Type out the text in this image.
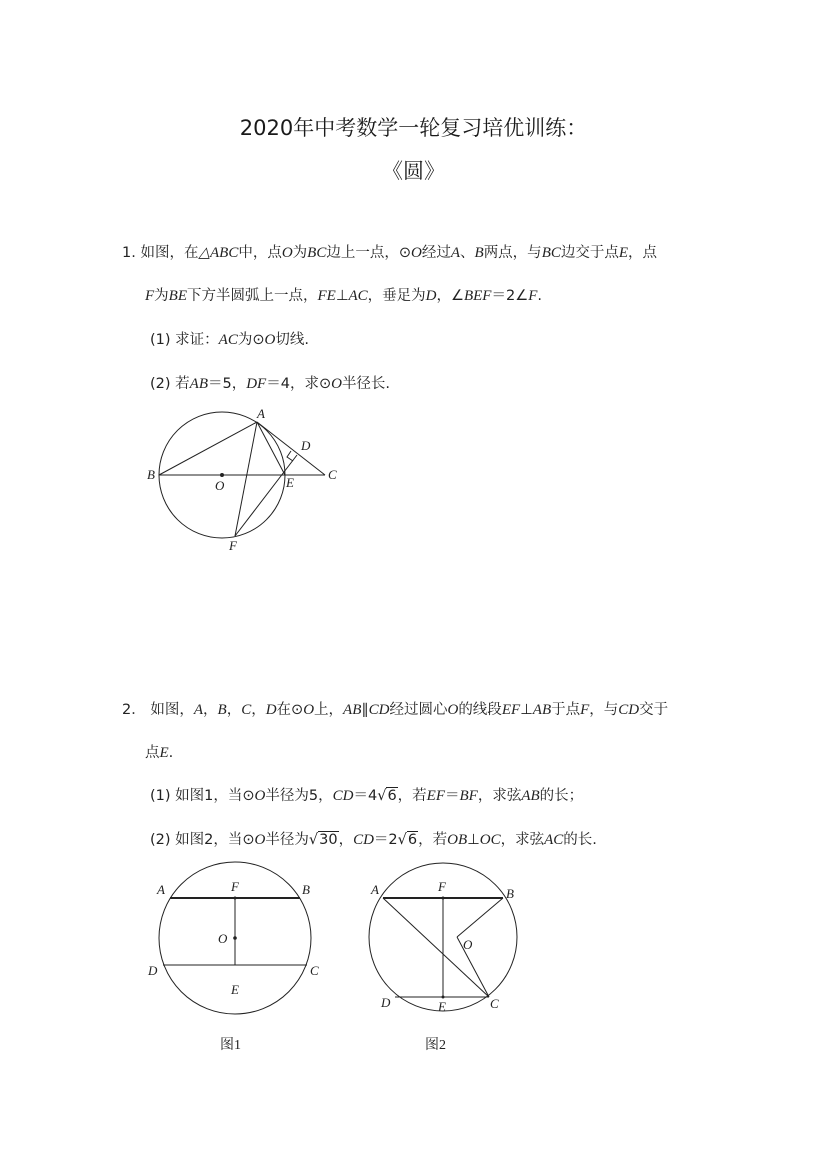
2020年中考数学一轮复习培优训练：
《圆》
1. 如图，在△ABC中，点O为BC边上一点，⊙O经过A、B两点，与BC边交于点E，点
F为BE下方半圆弧上一点，FE⊥AC，垂足为D，∠BEF＝2∠F.
(1) 求证：AC为⊙O切线.
(2) 若AB＝5，DF＝4，求⊙O半径长.
A
B	C
D
E
F
O
2． 如图，A，B，C，D在⊙O上，AB∥CD经过圆心O的线段EF⊥AB于点F，与CD交于
点E.
(1) 如图1，当⊙O半径为5，CD＝4√6，若EF＝BF，求弦AB的长；
(2) 如图2，当⊙O半径为√30，CD＝2√6，若OB⊥OC，求弦AC的长.
A	B
F
O
D	C
E
图1
A	B
F
O
D	E	C
图2
